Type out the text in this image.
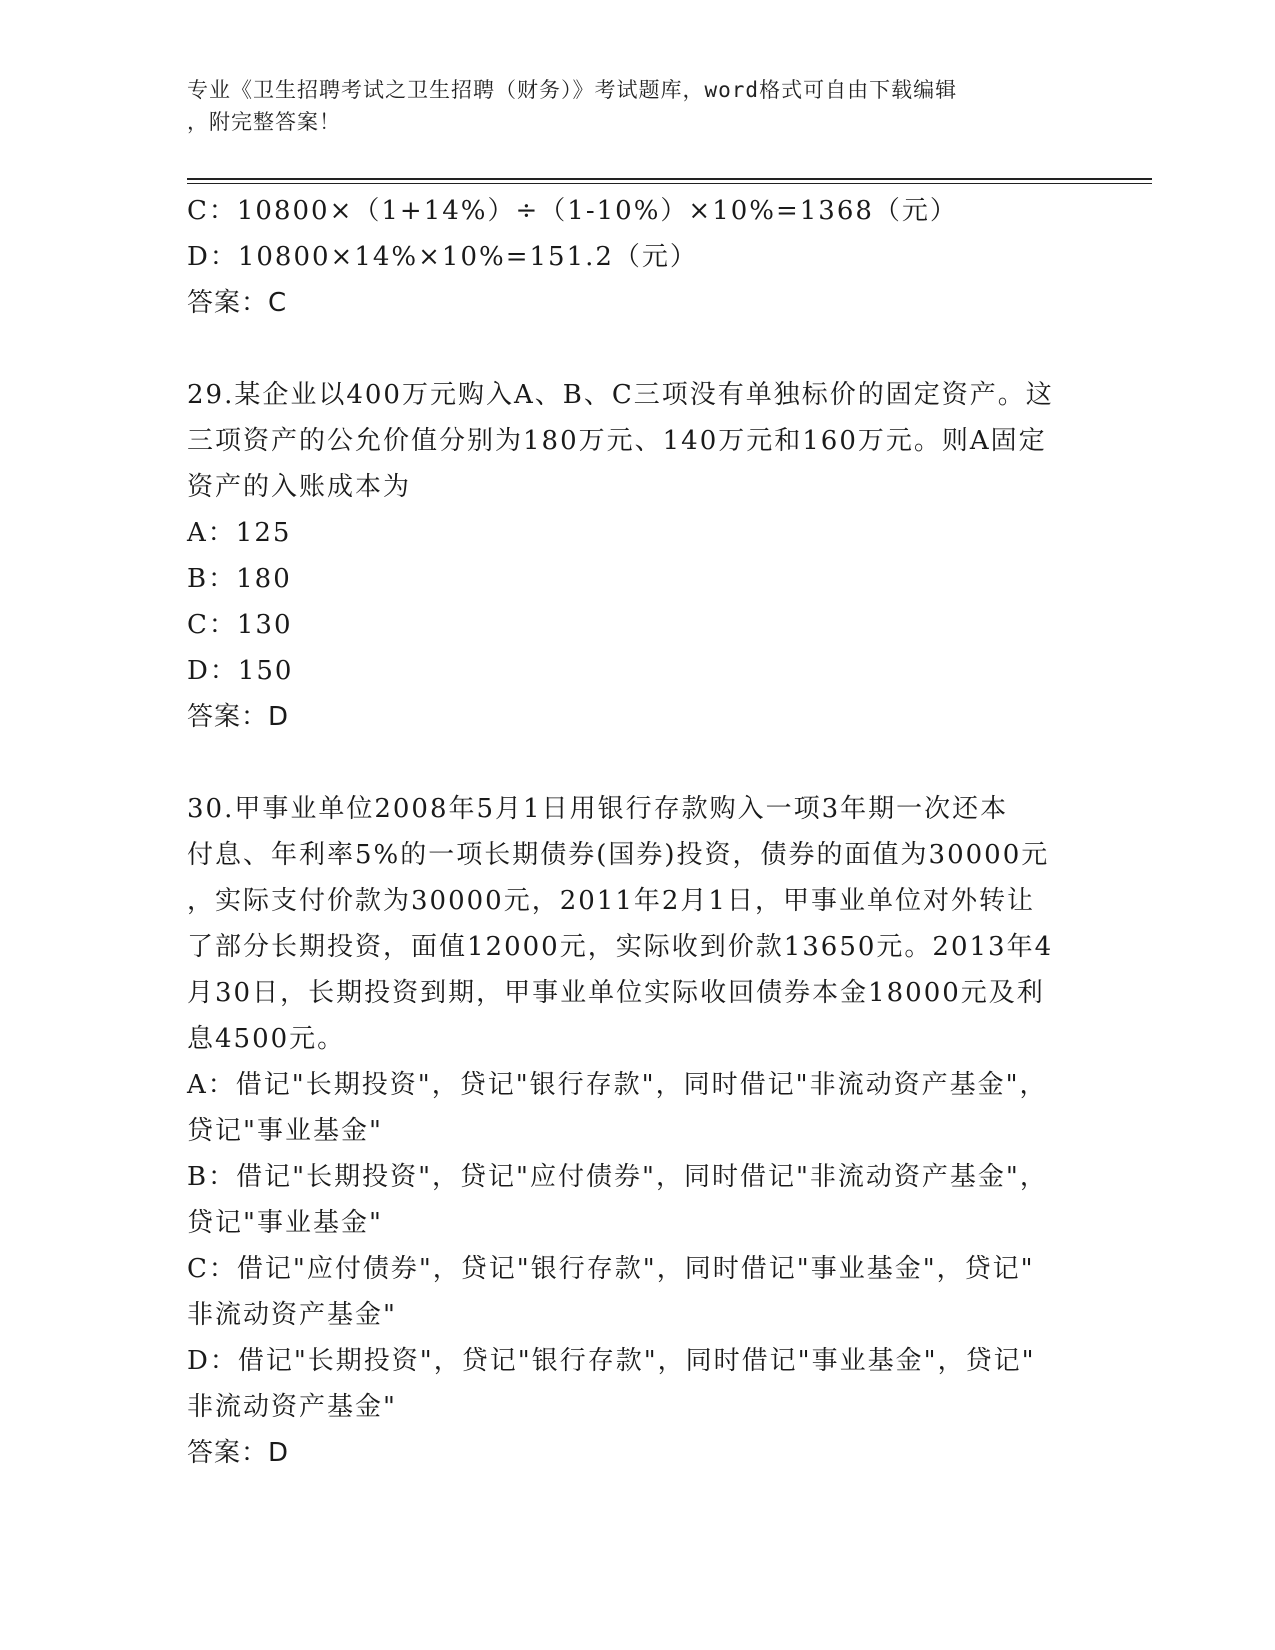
专业《卫生招聘考试之卫生招聘（财务）》考试题库，word格式可自由下载编辑
，附完整答案！
C：10800×（1+14%）÷（1-10%）×10%=1368（元）
D：10800×14%×10%=151.2（元）
答案：C
29.某企业以400万元购入A、B、C三项没有单独标价的固定资产。这
三项资产的公允价值分别为180万元、140万元和160万元。则A固定
资产的入账成本为
A：125
B：180
C：130
D：150
答案：D
30.甲事业单位2008年5月1日用银行存款购入一项3年期一次还本
付息、年利率5%的一项长期债券(国券)投资，债券的面值为30000元
，实际支付价款为30000元，2011年2月1日，甲事业单位对外转让
了部分长期投资，面值12000元，实际收到价款13650元。2013年4
月30日，长期投资到期，甲事业单位实际收回债券本金18000元及利
息4500元。
A：借记"长期投资"，贷记"银行存款"，同时借记"非流动资产基金"，
贷记"事业基金"
B：借记"长期投资"，贷记"应付债券"，同时借记"非流动资产基金"，
贷记"事业基金"
C：借记"应付债券"，贷记"银行存款"，同时借记"事业基金"，贷记"
非流动资产基金"
D：借记"长期投资"，贷记"银行存款"，同时借记"事业基金"，贷记"
非流动资产基金"
答案：D
